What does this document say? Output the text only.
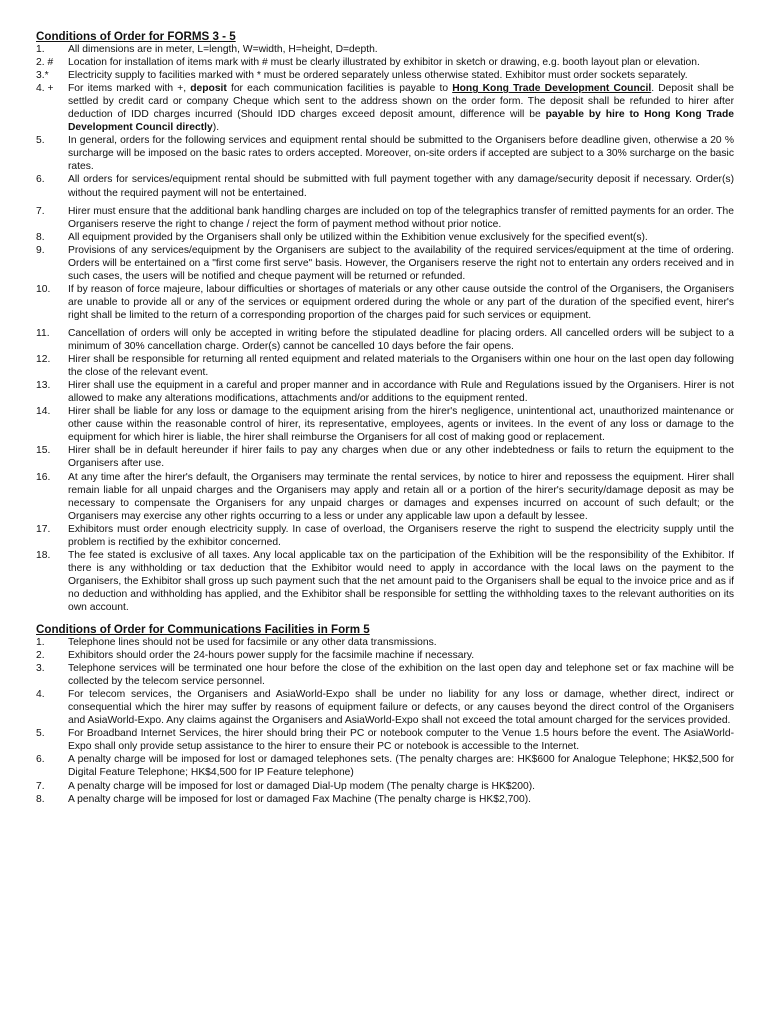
Conditions of Order for FORMS 3 - 5

1. All dimensions are in meter, L=length, W=width, H=height, D=depth.
2. # Location for installation of items mark with # must be clearly illustrated by exhibitor in sketch or drawing, e.g. booth layout plan or elevation.
3.* Electricity supply to facilities marked with * must be ordered separately unless otherwise stated. Exhibitor must order sockets separately.
4. + For items marked with +, deposit for each communication facilities is payable to Hong Kong Trade Development Council. Deposit shall be settled by credit card or company Cheque which sent to the address shown on the order form. The deposit shall be refunded to hirer after deduction of IDD charges incurred (Should IDD charges exceed deposit amount, difference will be payable by hire to Hong Kong Trade Development Council directly).
5. In general, orders for the following services and equipment rental should be submitted to the Organisers before deadline given, otherwise a 20 % surcharge will be imposed on the basic rates to orders accepted. Moreover, on-site orders if accepted are subject to a 30% surcharge on the basic rates.
6. All orders for services/equipment rental should be submitted with full payment together with any damage/security deposit if necessary. Order(s) without the required payment will not be entertained.
7. Hirer must ensure that the additional bank handling charges are included on top of the telegraphics transfer of remitted payments for an order. The Organisers reserve the right to change / reject the form of payment method without prior notice.
8. All equipment provided by the Organisers shall only be utilized within the Exhibition venue exclusively for the specified event(s).
9. Provisions of any services/equipment by the Organisers are subject to the availability of the required services/equipment at the time of ordering. Orders will be entertained on a "first come first serve" basis. However, the Organisers reserve the right not to entertain any orders received and in such cases, the users will be notified and cheque payment will be returned or refunded.
10. If by reason of force majeure, labour difficulties or shortages of materials or any other cause outside the control of the Organisers, the Organisers are unable to provide all or any of the services or equipment ordered during the whole or any part of the duration of the specified event, hirer's right shall be limited to the return of a corresponding proportion of the charges paid for such services or equipment.
11. Cancellation of orders will only be accepted in writing before the stipulated deadline for placing orders. All cancelled orders will be subject to a minimum of 30% cancellation charge. Order(s) cannot be cancelled 10 days before the fair opens.
12. Hirer shall be responsible for returning all rented equipment and related materials to the Organisers within one hour on the last open day following the close of the relevant event.
13. Hirer shall use the equipment in a careful and proper manner and in accordance with Rule and Regulations issued by the Organisers. Hirer is not allowed to make any alterations modifications, attachments and/or additions to the equipment rented.
14. Hirer shall be liable for any loss or damage to the equipment arising from the hirer's negligence, unintentional act, unauthorized maintenance or other cause within the reasonable control of hirer, its representative, employees, agents or invitees. In the event of any loss or damage to the equipment for which hirer is liable, the hirer shall reimburse the Organisers for all cost of making good or replacement.
15. Hirer shall be in default hereunder if hirer fails to pay any charges when due or any other indebtedness or fails to return the equipment to the Organisers after use.
16. At any time after the hirer's default, the Organisers may terminate the rental services, by notice to hirer and repossess the equipment. Hirer shall remain liable for all unpaid charges and the Organisers may apply and retain all or a portion of the hirer's security/damage deposit as may be necessary to compensate the Organisers for any unpaid charges or damages and expenses incurred on account of such default; or the Organisers may exercise any other rights occurring to a less or under any applicable law upon a default by lessee.
17. Exhibitors must order enough electricity supply. In case of overload, the Organisers reserve the right to suspend the electricity supply until the problem is rectified by the exhibitor concerned.
18. The fee stated is exclusive of all taxes. Any local applicable tax on the participation of the Exhibition will be the responsibility of the Exhibitor. If there is any withholding or tax deduction that the Exhibitor would need to apply in accordance with the local laws on the payment to the Organisers, the Exhibitor shall gross up such payment such that the net amount paid to the Organisers shall be equal to the invoice price and as if no deduction and withholding has applied, and the Exhibitor shall be responsible for settling the withholding taxes to the relevant authorities on its own account.

Conditions of Order for Communications Facilities in Form 5

1. Telephone lines should not be used for facsimile or any other data transmissions.
2. Exhibitors should order the 24-hours power supply for the facsimile machine if necessary.
3. Telephone services will be terminated one hour before the close of the exhibition on the last open day and telephone set or fax machine will be collected by the telecom service personnel.
4. For telecom services, the Organisers and AsiaWorld-Expo shall be under no liability for any loss or damage, whether direct, indirect or consequential which the hirer may suffer by reasons of equipment failure or defects, or any causes beyond the direct control of the Organisers and AsiaWorld-Expo. Any claims against the Organisers and AsiaWorld-Expo shall not exceed the total amount charged for the services provided.
5. For Broadband Internet Services, the hirer should bring their PC or notebook computer to the Venue 1.5 hours before the event. The AsiaWorld-Expo shall only provide setup assistance to the hirer to ensure their PC or notebook is accessible to the Internet.
6. A penalty charge will be imposed for lost or damaged telephones sets. (The penalty charges are: HK$600 for Analogue Telephone; HK$2,500 for Digital Feature Telephone; HK$4,500 for IP Feature telephone)
7. A penalty charge will be imposed for lost or damaged Dial-Up modem (The penalty charge is HK$200).
8. A penalty charge will be imposed for lost or damaged Fax Machine (The penalty charge is HK$2,700).
